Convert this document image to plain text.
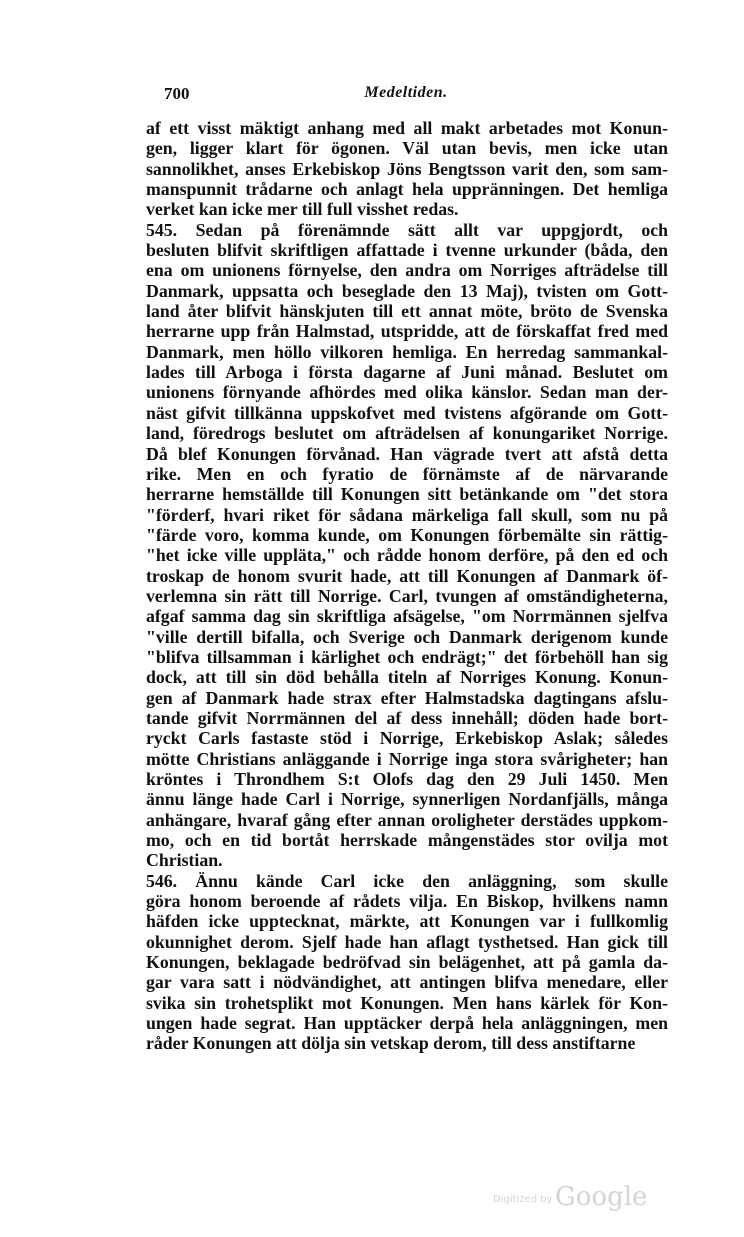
700	Medeltiden.
af ett visst mäktigt anhang med all makt arbetades mot Konun-
gen, ligger klart för ögonen. Väl utan bevis, men icke utan
sannolikhet, anses Erkebiskop Jöns Bengtsson varit den, som sam-
manspunnit trådarne och anlagt hela uppränningen. Det hemliga
verket kan icke mer till full visshet redas.
545. Sedan på förenämnde sätt allt var uppgjordt, och
besluten blifvit skriftligen affattade i tvenne urkunder (båda, den
ena om unionens förnyelse, den andra om Norriges afträdelse till
Danmark, uppsatta och beseglade den 13 Maj), tvisten om Gott-
land åter blifvit hänskjuten till ett annat möte, bröto de Svenska
herrarne upp från Halmstad, utspridde, att de förskaffat fred med
Danmark, men höllo vilkoren hemliga. En herredag sammankal-
lades till Arboga i första dagarne af Juni månad. Beslutet om
unionens förnyande afhördes med olika känslor. Sedan man der-
näst gifvit tillkänna uppskofvet med tvistens afgörande om Gott-
land, föredrogs beslutet om afträdelsen af konungariket Norrige.
Då blef Konungen förvånad. Han vägrade tvert att afstå detta
rike. Men en och fyratio de förnämste af de närvarande
herrarne hemställde till Konungen sitt betänkande om "det stora
"förderf, hvari riket för sådana märkeliga fall skull, som nu på
"färde voro, komma kunde, om Konungen förbemälte sin rättig-
"het icke ville uppläta," och rådde honom derföre, på den ed och
troskap de honom svurit hade, att till Konungen af Danmark öf-
verlemna sin rätt till Norrige. Carl, tvungen af omständigheterna,
afgaf samma dag sin skriftliga afsägelse, "om Norrmännen sjelfva
"ville dertill bifalla, och Sverige och Danmark derigenom kunde
"blifva tillsamman i kärlighet och endrägt;" det förbehöll han sig
dock, att till sin död behålla titeln af Norriges Konung. Konun-
gen af Danmark hade strax efter Halmstadska dagtingans afslu-
tande gifvit Norrmännen del af dess innehåll; döden hade bort-
ryckt Carls fastaste stöd i Norrige, Erkebiskop Aslak; således
mötte Christians anläggande i Norrige inga stora svårigheter; han
kröntes i Throndhem S:t Olofs dag den 29 Juli 1450. Men
ännu länge hade Carl i Norrige, synnerligen Nordanfjälls, många
anhängare, hvaraf gång efter annan oroligheter derstädes uppkom-
mo, och en tid bortåt herrskade mångenstädes stor ovilja mot
Christian.
546. Ännu kände Carl icke den anläggning, som skulle
göra honom beroende af rådets vilja. En Biskop, hvilkens namn
häfden icke upptecknat, märkte, att Konungen var i fullkomlig
okunnighet derom. Sjelf hade han aflagt tysthetsed. Han gick till
Konungen, beklagade bedröfvad sin belägenhet, att på gamla da-
gar vara satt i nödvändighet, att antingen blifva menedare, eller
svika sin trohetsplikt mot Konungen. Men hans kärlek för Kon-
ungen hade segrat. Han upptäcker derpå hela anläggningen, men
råder Konungen att dölja sin vetskap derom, till dess anstiftarne
Digitized by Google
